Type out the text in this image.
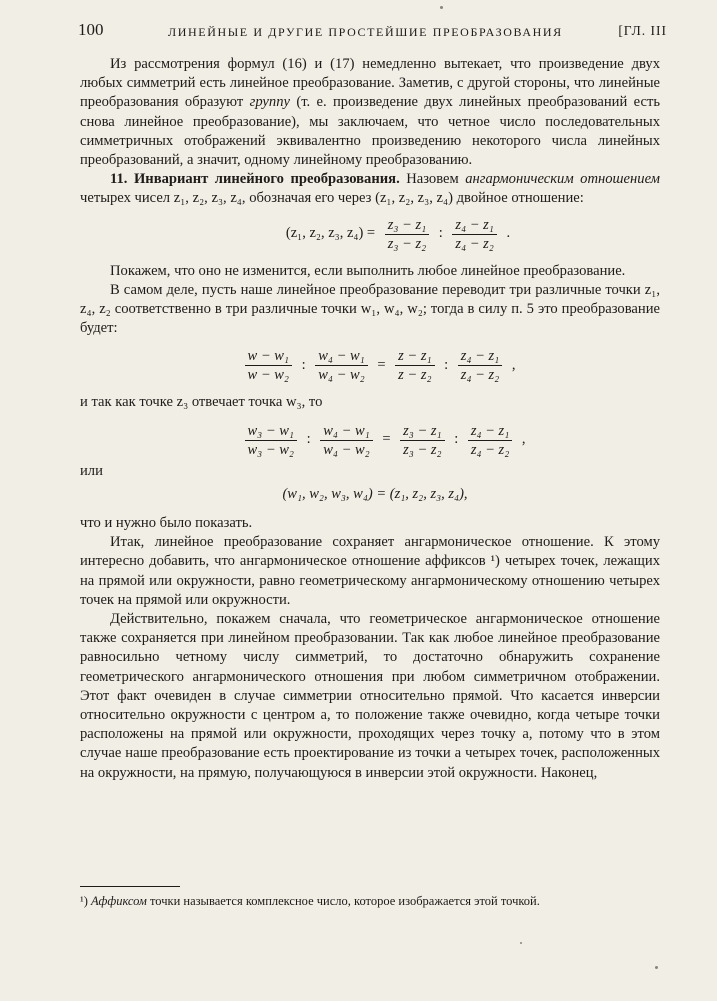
100	ЛИНЕЙНЫЕ И ДРУГИЕ ПРОСТЕЙШИЕ ПРЕОБРАЗОВАНИЯ	[ГЛ. III

Из рассмотрения формул (16) и (17) немедленно вытекает, что произведение двух любых симметрий есть линейное преобразование. Заметив, с другой стороны, что линейные преобразования образуют группу (т. е. произведение двух линейных преобразований есть снова линейное преобразование), мы заключаем, что четное число последовательных симметричных отображений эквивалентно произведению некоторого числа линейных преобразований, а значит, одному линейному преобразованию.

11. Инвариант линейного преобразования. Назовем ангармоническим отношением четырех чисел z₁, z₂, z₃, z₄, обозначая его через (z₁, z₂, z₃, z₄) двойное отношение:

(z₁, z₂, z₃, $z_4) = \frac{\text{z₃ − z₁}}{\text{z₃ − z₂}}$ : $\frac{\text{z₄ − z₁}}{\text{z₄ − z₂}}$ .

Покажем, что оно не изменится, если выполнить любое линейное преобразование.

В самом деле, пусть наше линейное преобразование переводит три различные точки z₁, z₄, z₂ соответственно в три различные точки w₁, w₄, w₂; тогда в силу п. 5 это преобразование будет:

$\frac{\text{w − w₁}}{\text{w − w₂}}$ : $\frac{\text{w₄ − w₁}}{\text{w₄ − w₂}} = \frac{\text{z − z₁}}{\text{z − z₂}}$ : $\frac{\text{z₄ − z₁}}{\text{z₄ − z₂}}$ ,

и так как точке z₃ отвечает точка w₃, то

$\frac{\text{w₃ − w₁}}{\text{w₃ − w₂}}$ : $\frac{\text{w₄ − w₁}}{\text{w₄ − w₂}} = \frac{\text{z₃ − z₁}}{\text{z₃ − z₂}}$ : $\frac{\text{z₄ − z₁}}{\text{z₄ − z₂}}$ ,

или

(w₁, w₂, w₃, w₄) = (z₁, z₂, z₃, z₄),

что и нужно было показать.

Итак, линейное преобразование сохраняет ангармоническое отношение. К этому интересно добавить, что ангармоническое отношение аффиксов ¹) четырех точек, лежащих на прямой или окружности, равно геометрическому ангармоническому отношению четырех точек на прямой или окружности.

Действительно, покажем сначала, что геометрическое ангармоническое отношение также сохраняется при линейном преобразовании. Так как любое линейное преобразование равносильно четному числу симметрий, то достаточно обнаружить сохранение геометрического ангармонического отношения при любом симметричном отображении. Этот факт очевиден в случае симметрии относительно прямой. Что касается инверсии относительно окружности с центром a, то положение также очевидно, когда четыре точки расположены на прямой или окружности, проходящих через точку a, потому что в этом случае наше преобразование есть проектирование из точки a четырех точек, расположенных на окружности, на прямую, получающуюся в инверсии этой окружности. Наконец,

¹) Аффиксом точки называется комплексное число, которое изображается этой точкой.
